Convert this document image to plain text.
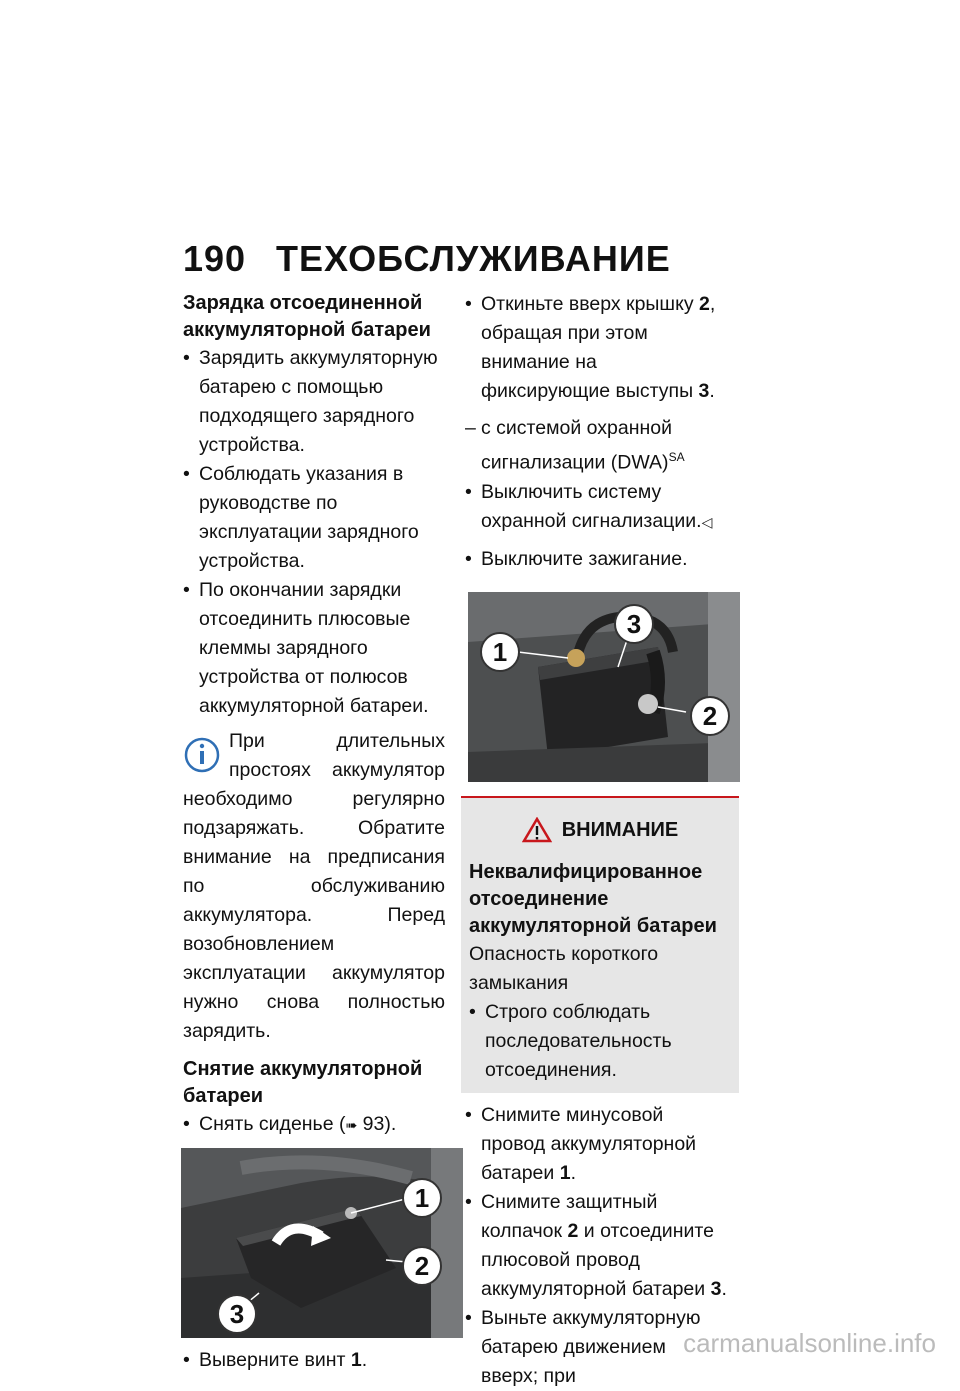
190 ТЕХОБСЛУЖИВАНИЕ
Зарядка отсоединенной аккумуляторной батареи

• Зарядить аккумуляторную батарею с помощью подходящего зарядного устройства.

• Соблюдать указания в руководстве по эксплуатации зарядного устройства.

• По окончании зарядки отсоединить плюсовые клеммы зарядного устройства от полюсов аккумуляторной батареи.

При длительных простоях аккумулятор необходимо регулярно подзаряжать. Обратите внимание на предписания по обслуживанию аккумулятора. Перед возобновлением эксплуатации аккумулятор нужно снова полностью зарядить.
Снятие аккумуляторной батареи

• Снять сиденье (➠ 93).

1
2
3

• Выверните винт 1.

• Откиньте вверх крышку 2, обращая при этом внимание на фиксирующие выступы 3.

– с системой охранной сигнализации (DWA)$^{SA}$

• Выключить систему охранной сигнализации.◁

• Выключите зажигание.

1
3
2
ВНИМАНИЕ
Неквалифицированное отсоединение аккумуляторной батареи
Опасность короткого замыкания

• Строго соблюдать последовательность отсоединения.

• Снимите минусовой провод аккумуляторной батареи 1.

• Снимите защитный колпачок 2 и отсоедините плюсовой провод аккумуляторной батареи 3.

• Выньте аккумуляторную батарею движением вверх; при

carmanualsonline.info
